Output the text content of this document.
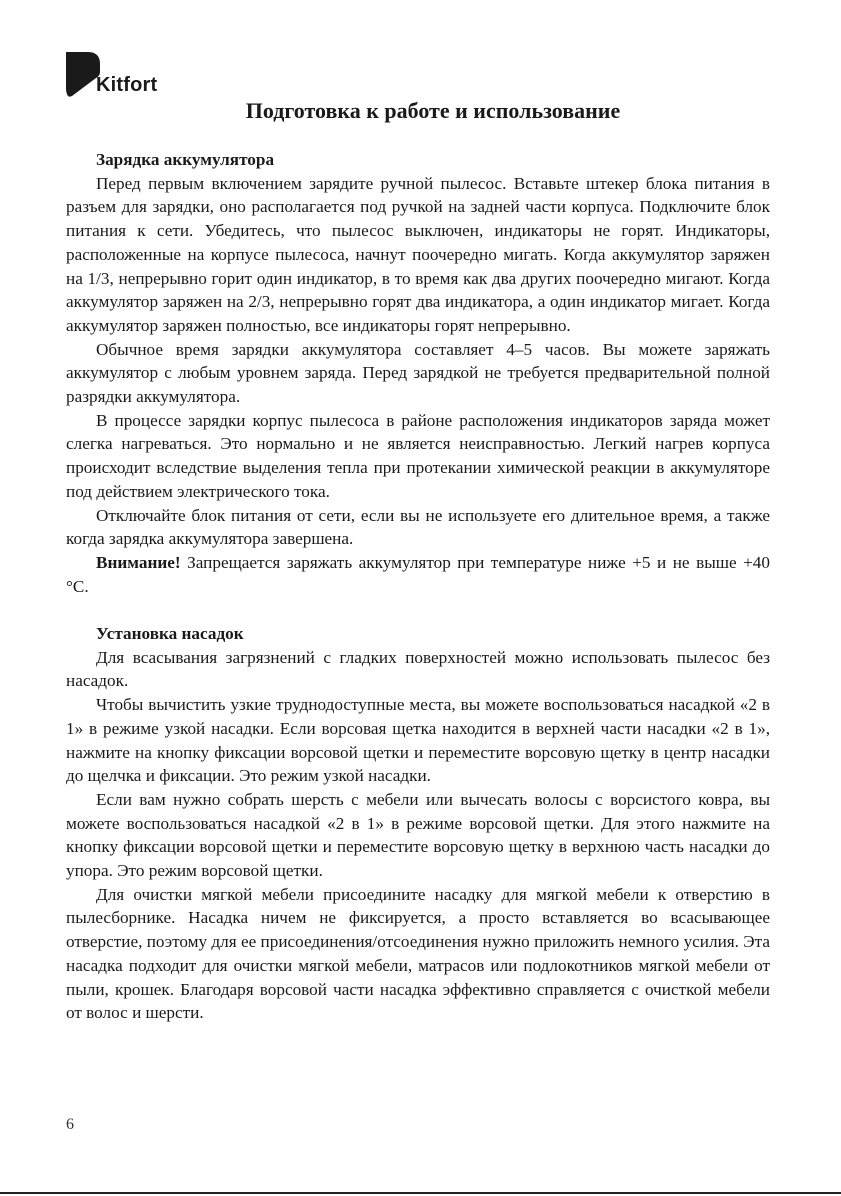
Kitfort
Подготовка к работе и использование
Зарядка аккумулятора

Перед первым включением зарядите ручной пылесос. Вставьте штекер блока питания в разъем для зарядки, оно располагается под ручкой на задней части корпуса. Подключите блок питания к сети. Убедитесь, что пылесос выключен, индикаторы не горят. Индикаторы, расположенные на корпусе пылесоса, начнут поочередно мигать. Когда аккумулятор заряжен на 1/3, непрерывно горит один индикатор, в то время как два других поочередно мигают. Когда аккумулятор заряжен на 2/3, непрерывно горят два индикатора, а один индикатор мигает. Когда аккумулятор заряжен полностью, все индикаторы горят непрерывно.

Обычное время зарядки аккумулятора составляет 4–5 часов. Вы можете заряжать аккумулятор с любым уровнем заряда. Перед зарядкой не требуется предварительной полной разрядки аккумулятора.

В процессе зарядки корпус пылесоса в районе расположения индикаторов заряда может слегка нагреваться. Это нормально и не является неисправностью. Легкий нагрев корпуса происходит вследствие выделения тепла при протекании химической реакции в аккумуляторе под действием электрического тока.

Отключайте блок питания от сети, если вы не используете его длительное время, а также когда зарядка аккумулятора завершена.

Внимание! Запрещается заряжать аккумулятор при температуре ниже +5 и не выше +40 °C.

Установка насадок

Для всасывания загрязнений с гладких поверхностей можно использовать пылесос без насадок.

Чтобы вычистить узкие труднодоступные места, вы можете воспользоваться насадкой «2 в 1» в режиме узкой насадки. Если ворсовая щетка находится в верхней части насадки «2 в 1», нажмите на кнопку фиксации ворсовой щетки и переместите ворсовую щетку в центр насадки до щелчка и фиксации. Это режим узкой насадки.

Если вам нужно собрать шерсть с мебели или вычесать волосы с ворсистого ковра, вы можете воспользоваться насадкой «2 в 1» в режиме ворсовой щетки. Для этого нажмите на кнопку фиксации ворсовой щетки и переместите ворсовую щетку в верхнюю часть насадки до упора. Это режим ворсовой щетки.

Для очистки мягкой мебели присоедините насадку для мягкой мебели к отверстию в пылесборнике. Насадка ничем не фиксируется, а просто вставляется во всасывающее отверстие, поэтому для ее присоединения/отсоединения нужно приложить немного усилия. Эта насадка подходит для очистки мягкой мебели, матрасов или подлокотников мягкой мебели от пыли, крошек. Благодаря ворсовой части насадка эффективно справляется с очисткой мебели от волос и шерсти.

6
